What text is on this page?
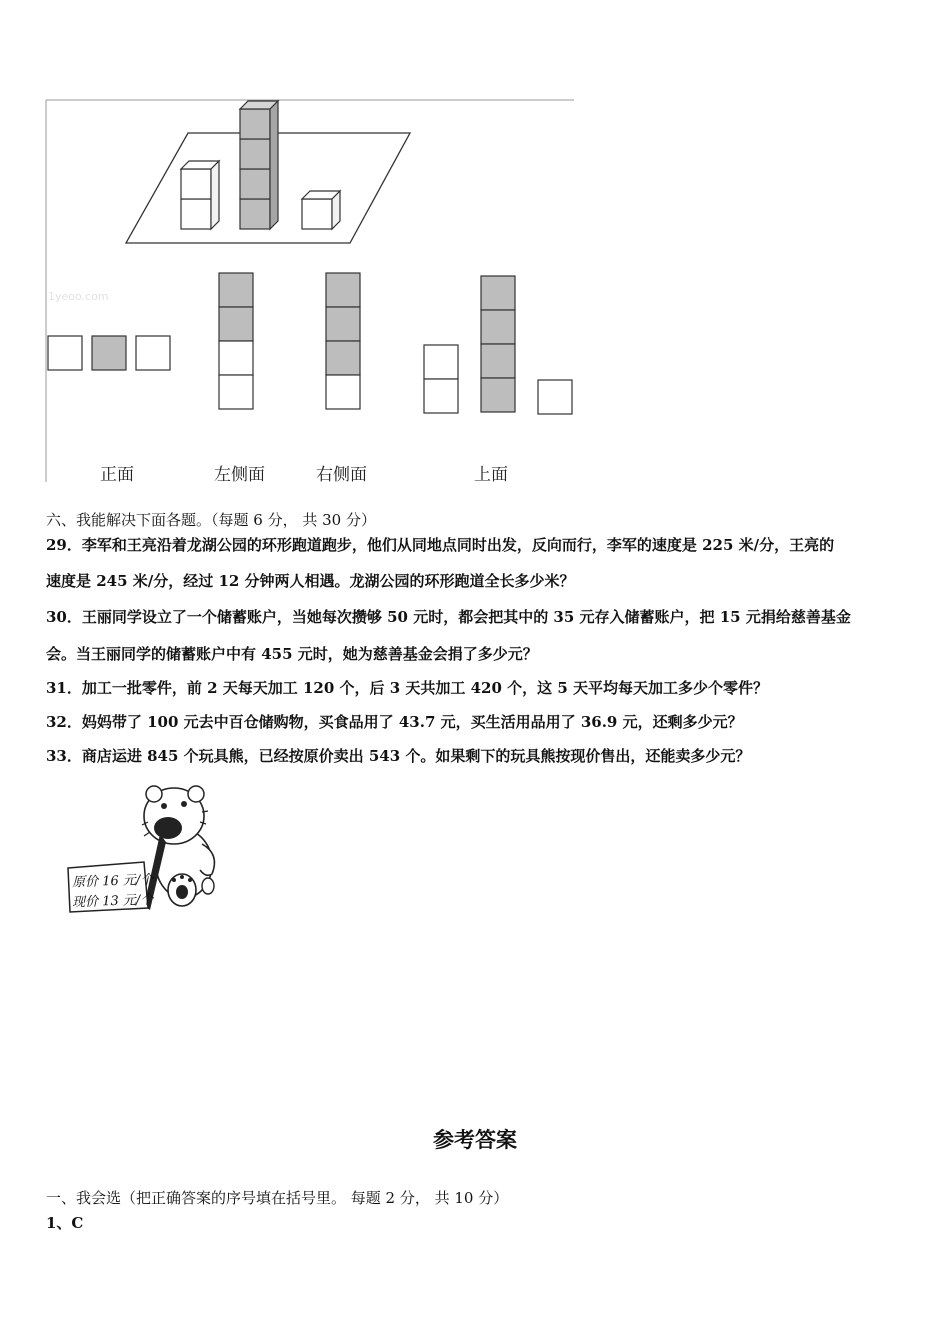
1yeoo.com
正面	左侧面	右侧面	上面
六、我能解决下面各题。（每题 6 分， 共 30 分）
29．李军和王亮沿着龙湖公园的环形跑道跑步，他们从同地点同时出发，反向而行，李军的速度是 225 米/分，王亮的
速度是 245 米/分，经过 12 分钟两人相遇。龙湖公园的环形跑道全长多少米？
30．王丽同学设立了一个储蓄账户，当她每次攒够 50 元时，都会把其中的 35 元存入储蓄账户，把 15 元捐给慈善基金
会。当王丽同学的储蓄账户中有 455 元时，她为慈善基金会捐了多少元？
31．加工一批零件，前 2 天每天加工 120 个，后 3 天共加工 420 个，这 5 天平均每天加工多少个零件？
32．妈妈带了 100 元去中百仓储购物，买食品用了 43.7 元，买生活用品用了 36.9 元，还剩多少元？
33．商店运进 845 个玩具熊，已经按原价卖出 543 个。如果剩下的玩具熊按现价售出，还能卖多少元？
原价 16 元/个
现价 13 元/个
参考答案
一、我会选（把正确答案的序号填在括号里。 每题 2 分， 共 10 分）
1、C
